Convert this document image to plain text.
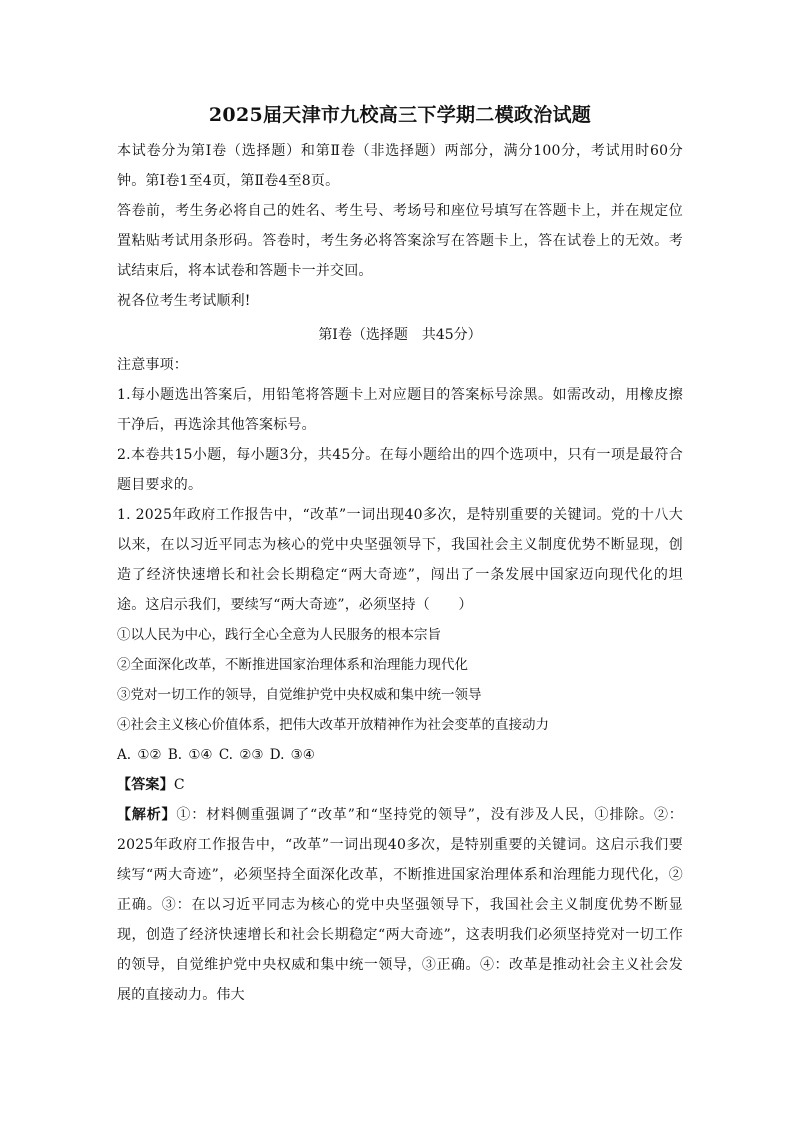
2025届天津市九校高三下学期二模政治试题

本试卷分为第Ⅰ卷（选择题）和第Ⅱ卷（非选择题）两部分，满分100分，考试用时60分钟。第Ⅰ卷1至4页，第Ⅱ卷4至8页。

答卷前，考生务必将自己的姓名、考生号、考场号和座位号填写在答题卡上，并在规定位置粘贴考试用条形码。答卷时，考生务必将答案涂写在答题卡上，答在试卷上的无效。考试结束后，将本试卷和答题卡一并交回。

祝各位考生考试顺利!

第Ⅰ卷（选择题　共45分）

注意事项：

1.每小题选出答案后，用铅笔将答题卡上对应题目的答案标号涂黑。如需改动，用橡皮擦干净后，再选涂其他答案标号。

2.本卷共15小题，每小题3分，共45分。在每小题给出的四个选项中，只有一项是最符合题目要求的。

1. 2025年政府工作报告中，“改革”一词出现40多次，是特别重要的关键词。党的十八大以来，在以习近平同志为核心的党中央坚强领导下，我国社会主义制度优势不断显现，创造了经济快速增长和社会长期稳定“两大奇迹”，闯出了一条发展中国家迈向现代化的坦途。这启示我们，要续写“两大奇迹”，必须坚持（　　）

①以人民为中心，践行全心全意为人民服务的根本宗旨

②全面深化改革，不断推进国家治理体系和治理能力现代化

③党对一切工作的领导，自觉维护党中央权威和集中统一领导

④社会主义核心价值体系，把伟大改革开放精神作为社会变革的直接动力

A. ①② B. ①④ C. ②③ D. ③④

【答案】C

【解析】①：材料侧重强调了“改革”和“坚持党的领导”，没有涉及人民，①排除。②：2025年政府工作报告中，“改革”一词出现40多次，是特别重要的关键词。这启示我们要续写“两大奇迹”，必须坚持全面深化改革，不断推进国家治理体系和治理能力现代化，②正确。③：在以习近平同志为核心的党中央坚强领导下，我国社会主义制度优势不断显现，创造了经济快速增长和社会长期稳定“两大奇迹”，这表明我们必须坚持党对一切工作的领导，自觉维护党中央权威和集中统一领导，③正确。④：改革是推动社会主义社会发展的直接动力。伟大
